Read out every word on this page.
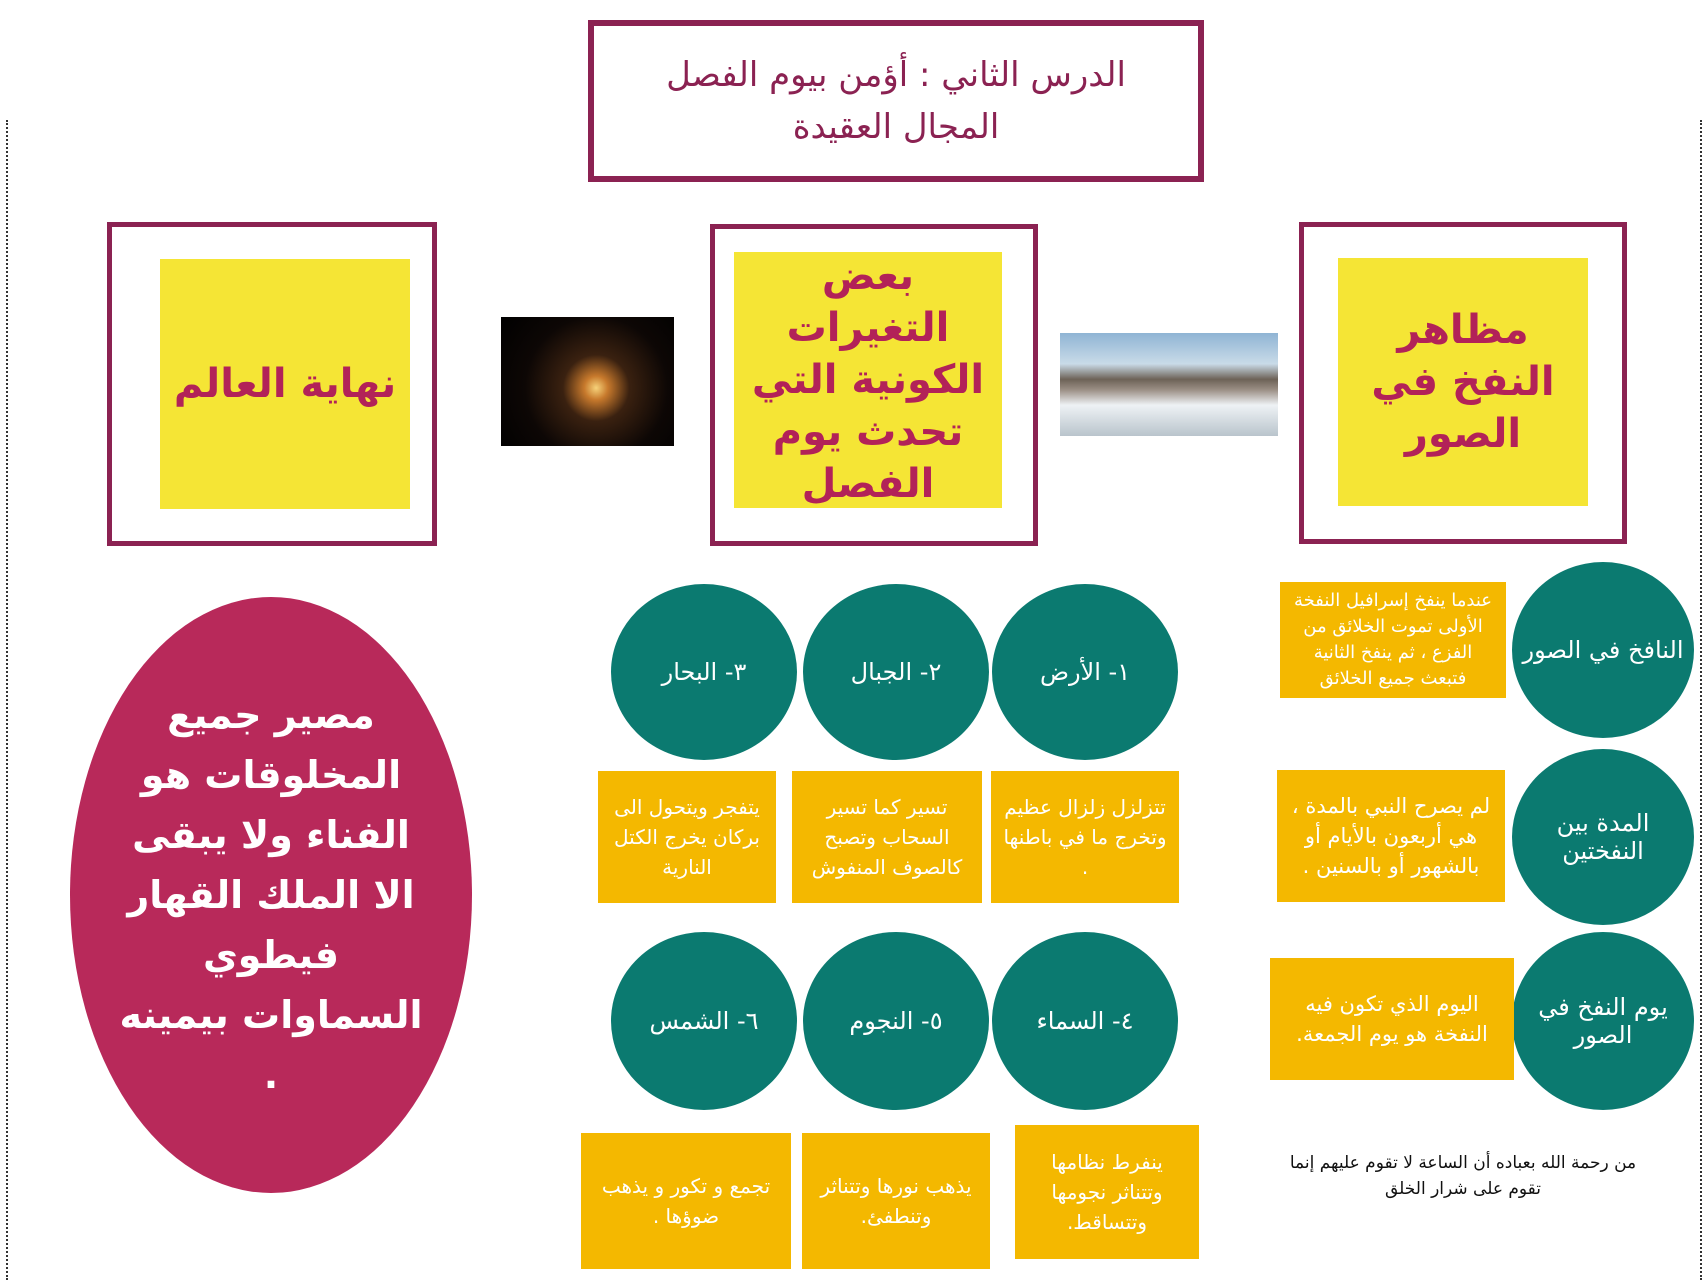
الدرس الثاني : أؤمن بيوم الفصل
المجال العقيدة
مظاهر النفخ في الصور
بعض التغيرات الكونية التي تحدث يوم الفصل
نهاية العالم
النافخ في الصور
عندما ينفخ إسرافيل النفخة الأولى تموت الخلائق من الفزع ، ثم ينفخ الثانية فتبعث جميع الخلائق
المدة بين النفختين
لم يصرح النبي بالمدة ، هي أربعون بالأيام أو بالشهور أو بالسنين .
يوم النفخ في الصور
اليوم الذي تكون فيه النفخة هو يوم الجمعة.
من رحمة الله بعباده أن الساعة لا تقوم عليهم إنما تقوم على شرار الخلق
١- الأرض
٢- الجبال
٣- البحار
تتزلزل زلزال عظيم وتخرج ما في باطنها .
تسير كما تسير السحاب وتصبح كالصوف المنفوش
يتفجر ويتحول الى بركان يخرج الكتل النارية
٤- السماء
٥- النجوم
٦- الشمس
ينفرط نظامها وتتناثر نجومها وتتساقط.
يذهب نورها وتتناثر وتنطفئ.
تجمع و تكور و يذهب ضوؤها .
مصير جميع المخلوقات هو الفناء ولا يبقى الا الملك القهار فيطوي السماوات بيمينه .
